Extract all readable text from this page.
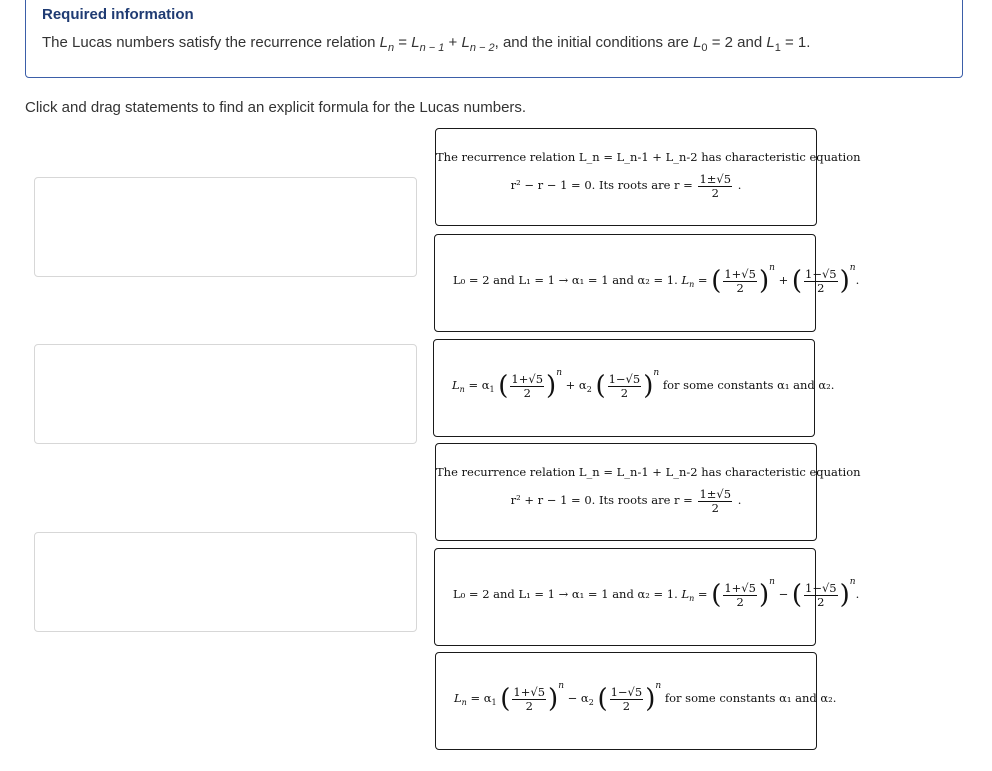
Required information
The Lucas numbers satisfy the recurrence relation $L_n = L_{n - 1} + L_{n - 2}$, and the initial conditions are $L_0 = 2$ and $L_1 = 1$.
Click and drag statements to find an explicit formula for the Lucas numbers.
The recurrence relation L_n = L_n-1 + L_n-2 has characteristic equation
r² − r − 1 = 0. Its roots are $r = \frac{1\pm√5}{2}$ .
L₀ = 2 and L₁ = 1 → α₁ = 1 and α₂ = 1. $L_n$ = ( $\frac{1+√5}{2} )^n$ + ( $\frac{1-√5}{2} )^n$.
$L_n = \alpha_1$ ( $\frac{1+√5}{2} )^n + \alpha_2$ ( $\frac{1-√5}{2} )^n$ for some constants α₁ and α₂.
The recurrence relation L_n = L_n-1 + L_n-2 has characteristic equation
r² + r − 1 = 0. Its roots are $r = \frac{1\pm√5}{2}$ .
L₀ = 2 and L₁ = 1 → α₁ = 1 and α₂ = 1. $L_n$ = ( $\frac{1+√5}{2} )^n$ − ( $\frac{1-√5}{2} )^n$.
$L_n = \alpha_1$ ( $\frac{1+√5}{2} )^n - \alpha_2$ ( $\frac{1-√5}{2} )^n$ for some constants α₁ and α₂.
